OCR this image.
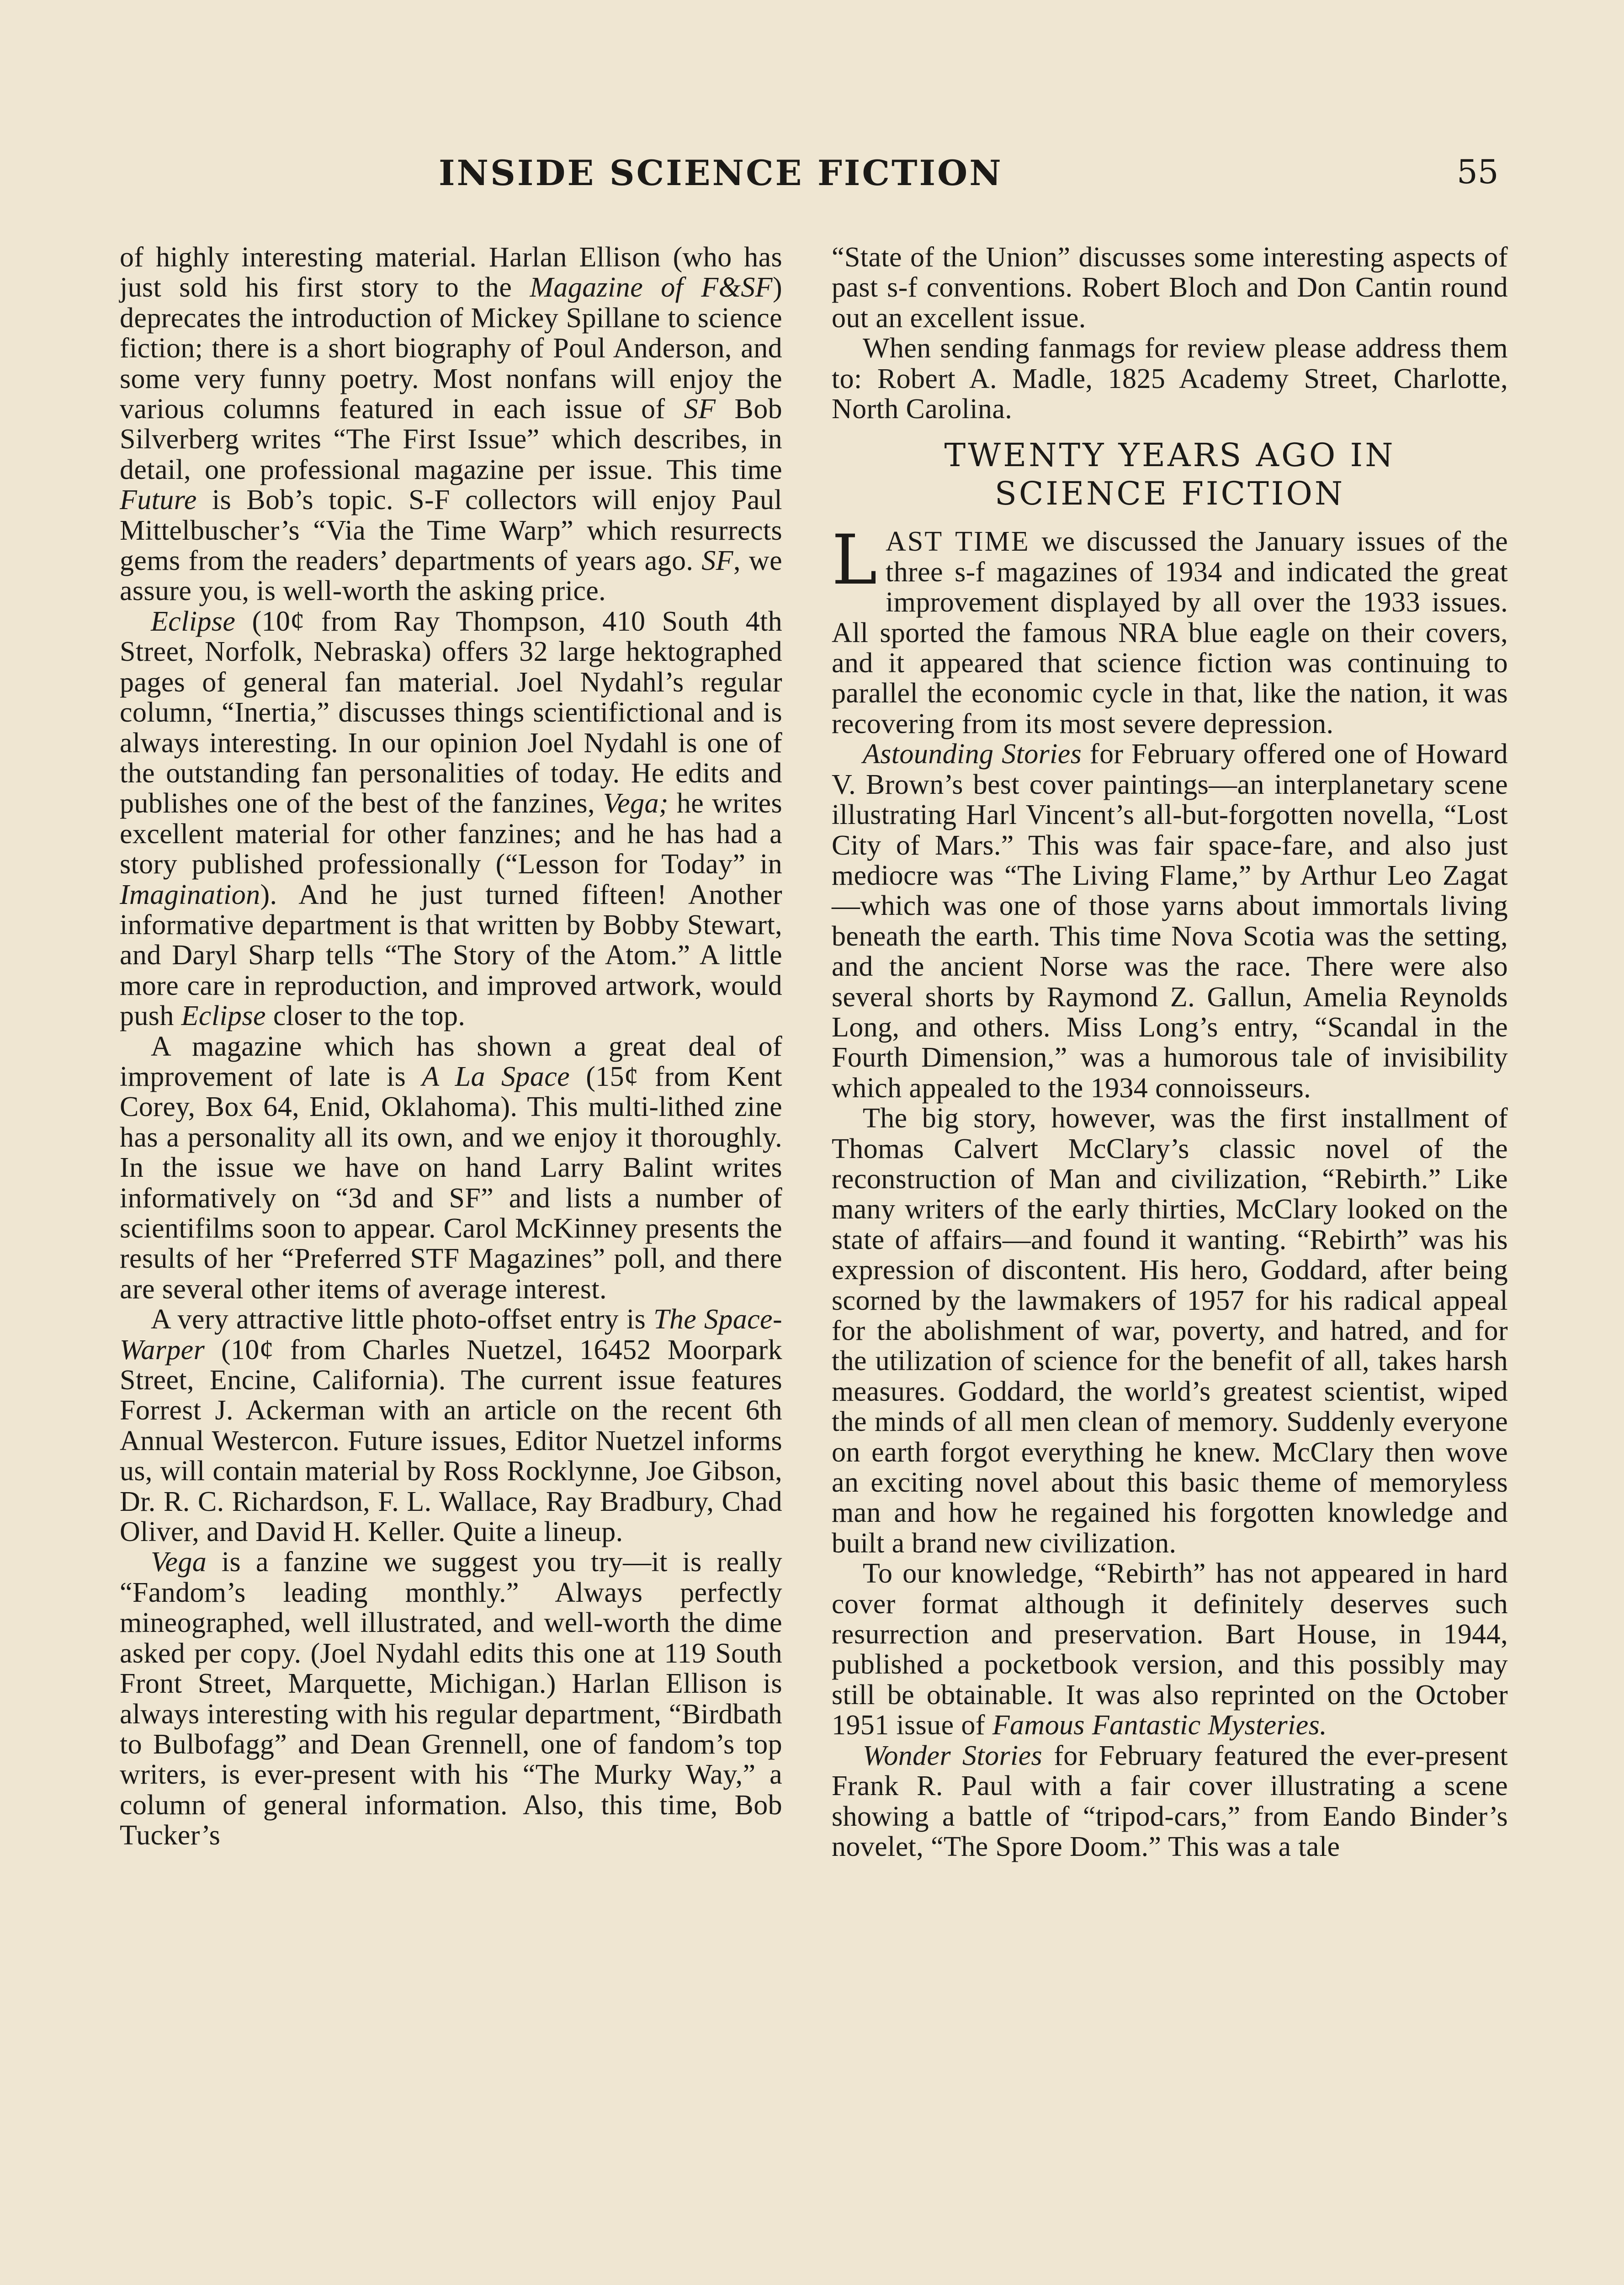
INSIDE SCIENCE FICTION	55

of highly interesting material. Harlan Ellison (who has just sold his first story to the Magazine of F&SF) deprecates the introduction of Mickey Spillane to science fiction; there is a short biography of Poul Anderson, and some very funny poetry. Most nonfans will enjoy the various columns featured in each issue of SF Bob Silverberg writes “The First Issue” which describes, in detail, one professional magazine per issue. This time Future is Bob’s topic. S-F collectors will enjoy Paul Mittelbuscher’s “Via the Time Warp” which resurrects gems from the readers’ departments of years ago. SF, we assure you, is well-worth the asking price.

Eclipse (10¢ from Ray Thompson, 410 South 4th Street, Norfolk, Nebraska) offers 32 large hektographed pages of general fan material. Joel Nydahl’s regular column, “Inertia,” discusses things scientifictional and is always interesting. In our opinion Joel Nydahl is one of the outstanding fan personalities of today. He edits and publishes one of the best of the fanzines, Vega; he writes excellent material for other fanzines; and he has had a story published professionally (“Lesson for Today” in Imagination). And he just turned fifteen! Another informative department is that written by Bobby Stewart, and Daryl Sharp tells “The Story of the Atom.” A little more care in reproduction, and improved artwork, would push Eclipse closer to the top.

A magazine which has shown a great deal of improvement of late is A La Space (15¢ from Kent Corey, Box 64, Enid, Oklahoma). This multi-lithed zine has a personality all its own, and we enjoy it thoroughly. In the issue we have on hand Larry Balint writes informatively on “3d and SF” and lists a number of scientifilms soon to appear. Carol McKinney presents the results of her “Preferred STF Magazines” poll, and there are several other items of average interest.

A very attractive little photo-offset entry is The Space-Warper (10¢ from Charles Nuetzel, 16452 Moorpark Street, Encine, California). The current issue features Forrest J. Ackerman with an article on the recent 6th Annual Westercon. Future issues, Editor Nuetzel informs us, will contain material by Ross Rocklynne, Joe Gibson, Dr. R. C. Richardson, F. L. Wallace, Ray Bradbury, Chad Oliver, and David H. Keller. Quite a lineup.

Vega is a fanzine we suggest you try—it is really “Fandom’s leading monthly.” Always perfectly mineographed, well illustrated, and well-worth the dime asked per copy. (Joel Nydahl edits this one at 119 South Front Street, Marquette, Michigan.) Harlan Ellison is always interesting with his regular department, “Birdbath to Bulbofagg” and Dean Grennell, one of fandom’s top writers, is ever-present with his “The Murky Way,” a column of general information. Also, this time, Bob Tucker’s

“State of the Union” discusses some interesting aspects of past s-f conventions. Robert Bloch and Don Cantin round out an excellent issue.

When sending fanmags for review please address them to: Robert A. Madle, 1825 Academy Street, Charlotte, North Carolina.

TWENTY YEARS AGO IN
SCIENCE FICTION

LAST TIME we discussed the January issues of the three s-f magazines of 1934 and indicated the great improvement displayed by all over the 1933 issues. All sported the famous NRA blue eagle on their covers, and it appeared that science fiction was continuing to parallel the economic cycle in that, like the nation, it was recovering from its most severe depression.

Astounding Stories for February offered one of Howard V. Brown’s best cover paintings—an interplanetary scene illustrating Harl Vincent’s all-but-forgotten novella, “Lost City of Mars.” This was fair space-fare, and also just mediocre was “The Living Flame,” by Arthur Leo Zagat—which was one of those yarns about immortals living beneath the earth. This time Nova Scotia was the setting, and the ancient Norse was the race. There were also several shorts by Raymond Z. Gallun, Amelia Reynolds Long, and others. Miss Long’s entry, “Scandal in the Fourth Dimension,” was a humorous tale of invisibility which appealed to the 1934 connoisseurs.

The big story, however, was the first installment of Thomas Calvert McClary’s classic novel of the reconstruction of Man and civilization, “Rebirth.” Like many writers of the early thirties, McClary looked on the state of affairs—and found it wanting. “Rebirth” was his expression of discontent. His hero, Goddard, after being scorned by the lawmakers of 1957 for his radical appeal for the abolishment of war, poverty, and hatred, and for the utilization of science for the benefit of all, takes harsh measures. Goddard, the world’s greatest scientist, wiped the minds of all men clean of memory. Suddenly everyone on earth forgot everything he knew. McClary then wove an exciting novel about this basic theme of memoryless man and how he regained his forgotten knowledge and built a brand new civilization.

To our knowledge, “Rebirth” has not appeared in hard cover format although it definitely deserves such resurrection and preservation. Bart House, in 1944, published a pocketbook version, and this possibly may still be obtainable. It was also reprinted on the October 1951 issue of Famous Fantastic Mysteries.

Wonder Stories for February featured the ever-present Frank R. Paul with a fair cover illustrating a scene showing a battle of “tripod-cars,” from Eando Binder’s novelet, “The Spore Doom.” This was a tale
